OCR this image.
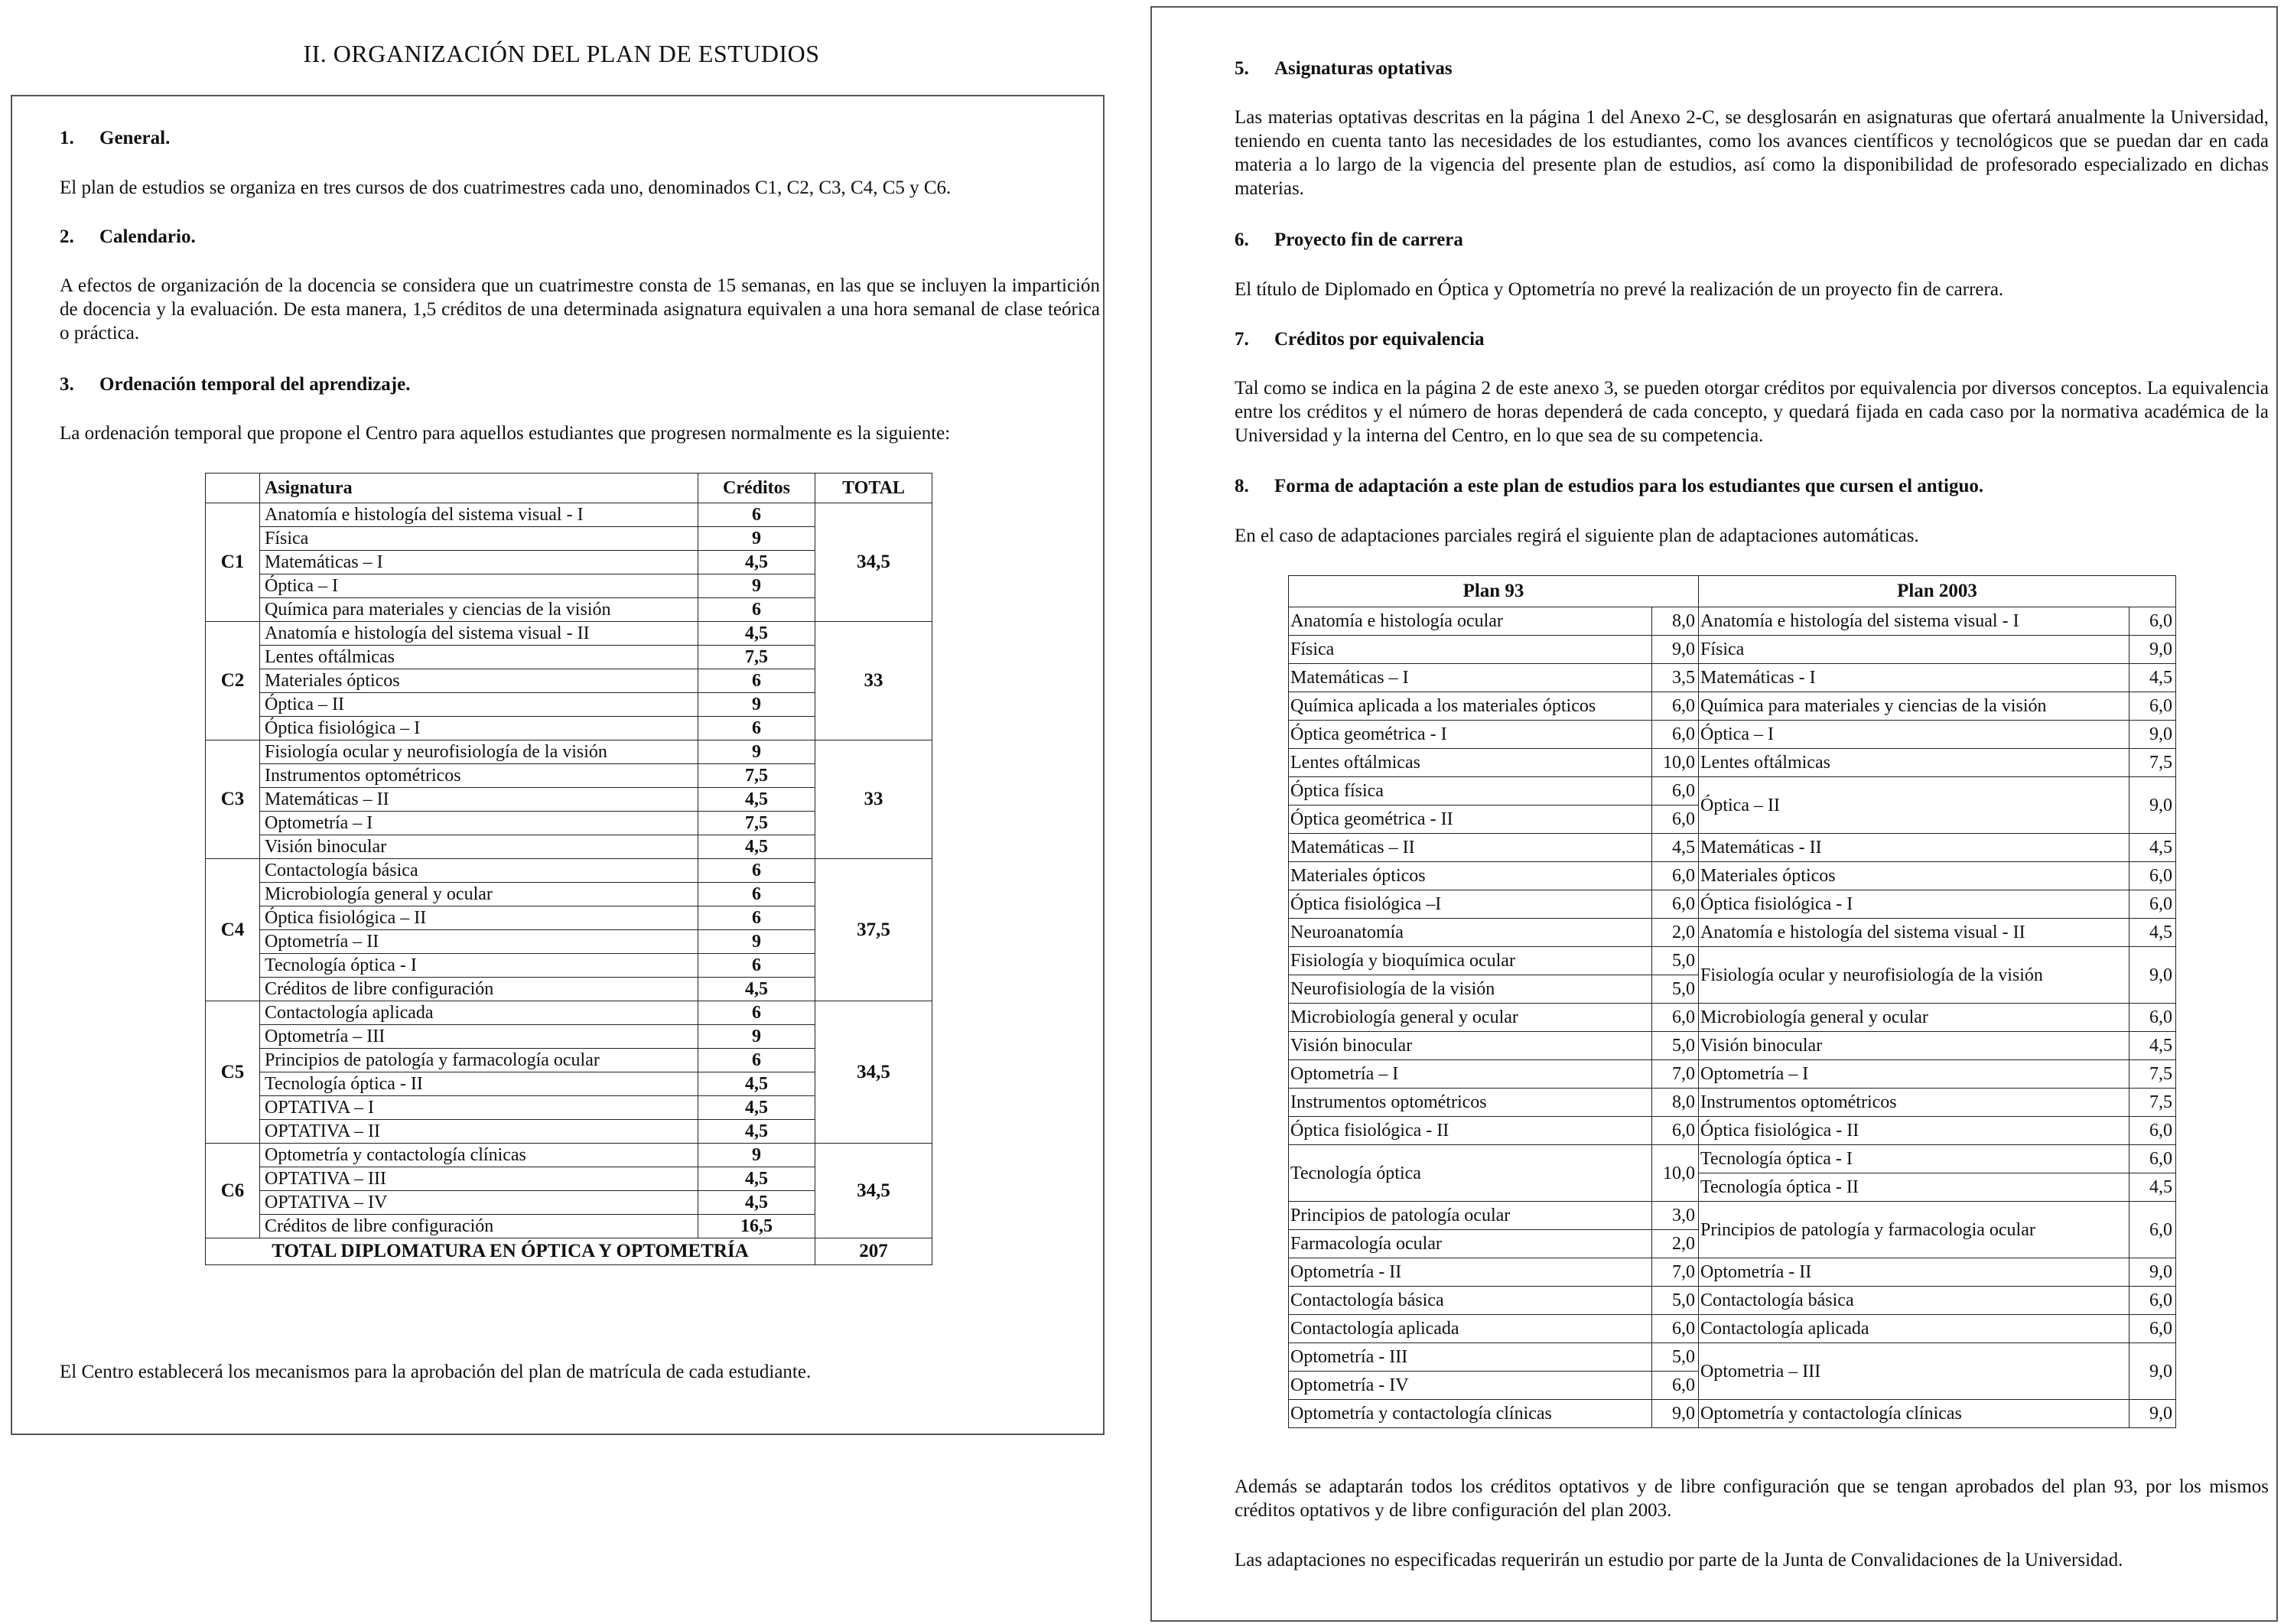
II. ORGANIZACIÓN DEL PLAN DE ESTUDIOS
1. General.
El plan de estudios se organiza en tres cursos de dos cuatrimestres cada uno, denominados C1, C2, C3, C4, C5 y C6.
2. Calendario.
A efectos de organización de la docencia se considera que un cuatrimestre consta de 15 semanas, en las que se incluyen la impartición de docencia y la evaluación. De esta manera, 1,5 créditos de una determinada asignatura equivalen a una hora semanal de clase teórica o práctica.
3. Ordenación temporal del aprendizaje.
La ordenación temporal que propone el Centro para aquellos estudiantes que progresen normalmente es la siguiente:
	Asignatura	Créditos	TOTAL
C1	Anatomía e histología del sistema visual - I	6	34,5
	Física	9	
	Matemáticas – I	4,5	
	Óptica – I	9	
	Química para materiales y ciencias de la visión	6	
C2	Anatomía e histología del sistema visual - II	4,5	33
	Lentes oftálmicas	7,5	
	Materiales ópticos	6	
	Óptica – II	9	
	Óptica fisiológica – I	6	
C3	Fisiología ocular y neurofisiología de la visión	9	33
	Instrumentos optométricos	7,5	
	Matemáticas – II	4,5	
	Optometría – I	7,5	
	Visión binocular	4,5	
C4	Contactología básica	6	37,5
	Microbiología general y ocular	6	
	Óptica fisiológica – II	6	
	Optometría – II	9	
	Tecnología óptica - I	6	
	Créditos de libre configuración	4,5	
C5	Contactología aplicada	6	34,5
	Optometría – III	9	
	Principios de patología y farmacología ocular	6	
	Tecnología óptica - II	4,5	
	OPTATIVA – I	4,5	
	OPTATIVA – II	4,5	
C6	Optometría y contactología clínicas	9	34,5
	OPTATIVA – III	4,5	
	OPTATIVA – IV	4,5	
	Créditos de libre configuración	16,5	
TOTAL DIPLOMATURA EN ÓPTICA Y OPTOMETRÍA			207
El Centro establecerá los mecanismos para la aprobación del plan de matrícula de cada estudiante.
5. Asignaturas optativas
Las materias optativas descritas en la página 1 del Anexo 2-C, se desglosarán en asignaturas que ofertará anualmente la Universidad, teniendo en cuenta tanto las necesidades de los estudiantes, como los avances científicos y tecnológicos que se puedan dar en cada materia a lo largo de la vigencia del presente plan de estudios, así como la disponibilidad de profesorado especializado en dichas materias.
6. Proyecto fin de carrera
El título de Diplomado en Óptica y Optometría no prevé la realización de un proyecto fin de carrera.
7. Créditos por equivalencia
Tal como se indica en la página 2 de este anexo 3, se pueden otorgar créditos por equivalencia por diversos conceptos. La equivalencia entre los créditos y el número de horas dependerá de cada concepto, y quedará fijada en cada caso por la normativa académica de la Universidad y la interna del Centro, en lo que sea de su competencia.
8. Forma de adaptación a este plan de estudios para los estudiantes que cursen el antiguo.
En el caso de adaptaciones parciales regirá el siguiente plan de adaptaciones automáticas.
Plan 93		Plan 2003	
Anatomía e histología ocular	8,0	Anatomía e histología del sistema visual - I	6,0
Física	9,0	Física	9,0
Matemáticas – I	3,5	Matemáticas - I	4,5
Química aplicada a los materiales ópticos	6,0	Química para materiales y ciencias de la visión	6,0
Óptica geométrica - I	6,0	Óptica – I	9,0
Lentes oftálmicas	10,0	Lentes oftálmicas	7,5
Óptica física	6,0	Óptica – II	9,0
Óptica geométrica - II	6,0		
Matemáticas – II	4,5	Matemáticas - II	4,5
Materiales ópticos	6,0	Materiales ópticos	6,0
Óptica fisiológica –I	6,0	Óptica fisiológica - I	6,0
Neuroanatomía	2,0	Anatomía e histología del sistema visual - II	4,5
Fisiología y bioquímica ocular	5,0	Fisiología ocular y neurofisiología de la visión	9,0
Neurofisiología de la visión	5,0		
Microbiología general y ocular	6,0	Microbiología general y ocular	6,0
Visión binocular	5,0	Visión binocular	4,5
Optometría – I	7,0	Optometría – I	7,5
Instrumentos optométricos	8,0	Instrumentos optométricos	7,5
Óptica fisiológica - II	6,0	Óptica fisiológica - II	6,0
Tecnología óptica	10,0	Tecnología óptica - I	6,0
		Tecnología óptica - II	4,5
Principios de patología ocular	3,0	Principios de patología y farmacologia ocular	6,0
Farmacología ocular	2,0		
Optometría - II	7,0	Optometría - II	9,0
Contactología básica	5,0	Contactología básica	6,0
Contactología aplicada	6,0	Contactología aplicada	6,0
Optometría - III	5,0	Optometria – III	9,0
Optometría - IV	6,0		
Optometría y contactología clínicas	9,0	Optometría y contactología clínicas	9,0
Además se adaptarán todos los créditos optativos y de libre configuración que se tengan aprobados del plan 93, por los mismos créditos optativos y de libre configuración del plan 2003.
Las adaptaciones no especificadas requerirán un estudio por parte de la Junta de Convalidaciones de la Universidad.
